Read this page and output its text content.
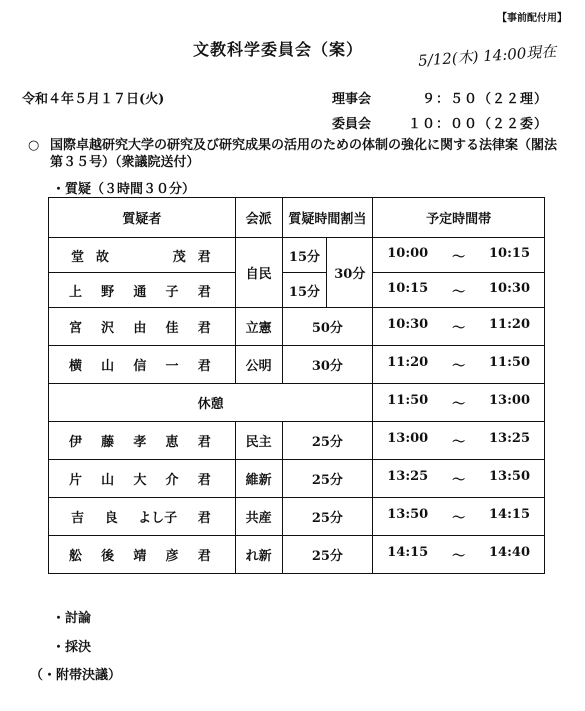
【事前配付用】
文教科学委員会（案）	5/12(木) 14:00現在
令和４年５月１７日(火)	理事会	９：５０（２２理）
委員会	１０：００（２２委）
○ 国際卓越研究大学の研究及び研究成果の活用のための体制の強化に関する法律案（閣法第３５号）（衆議院送付）
・質疑（３時間３０分）
質疑者	会派	質疑時間割当		予定時間帯

堂 故 茂 君	自民	15分	30分	10:00 ～ 10:15

上 野 通 子 君		15分		10:15 ～ 10:30

宮 沢 由 佳 君	立憲	50分		10:30 ～ 11:20

横 山 信 一 君	公明	30分		11:20 ～ 11:50

休憩				11:50 ～ 13:00

伊 藤 孝 恵 君	民主	25分		13:00 ～ 13:25

片 山 大 介 君	維新	25分		13:25 ～ 13:50

吉 良 よし子 君	共産	25分		13:50 ～ 14:15

舩 後 靖 彦 君	れ新	25分		14:15 ～ 14:40
・討論
・採決
（・附帯決議）
